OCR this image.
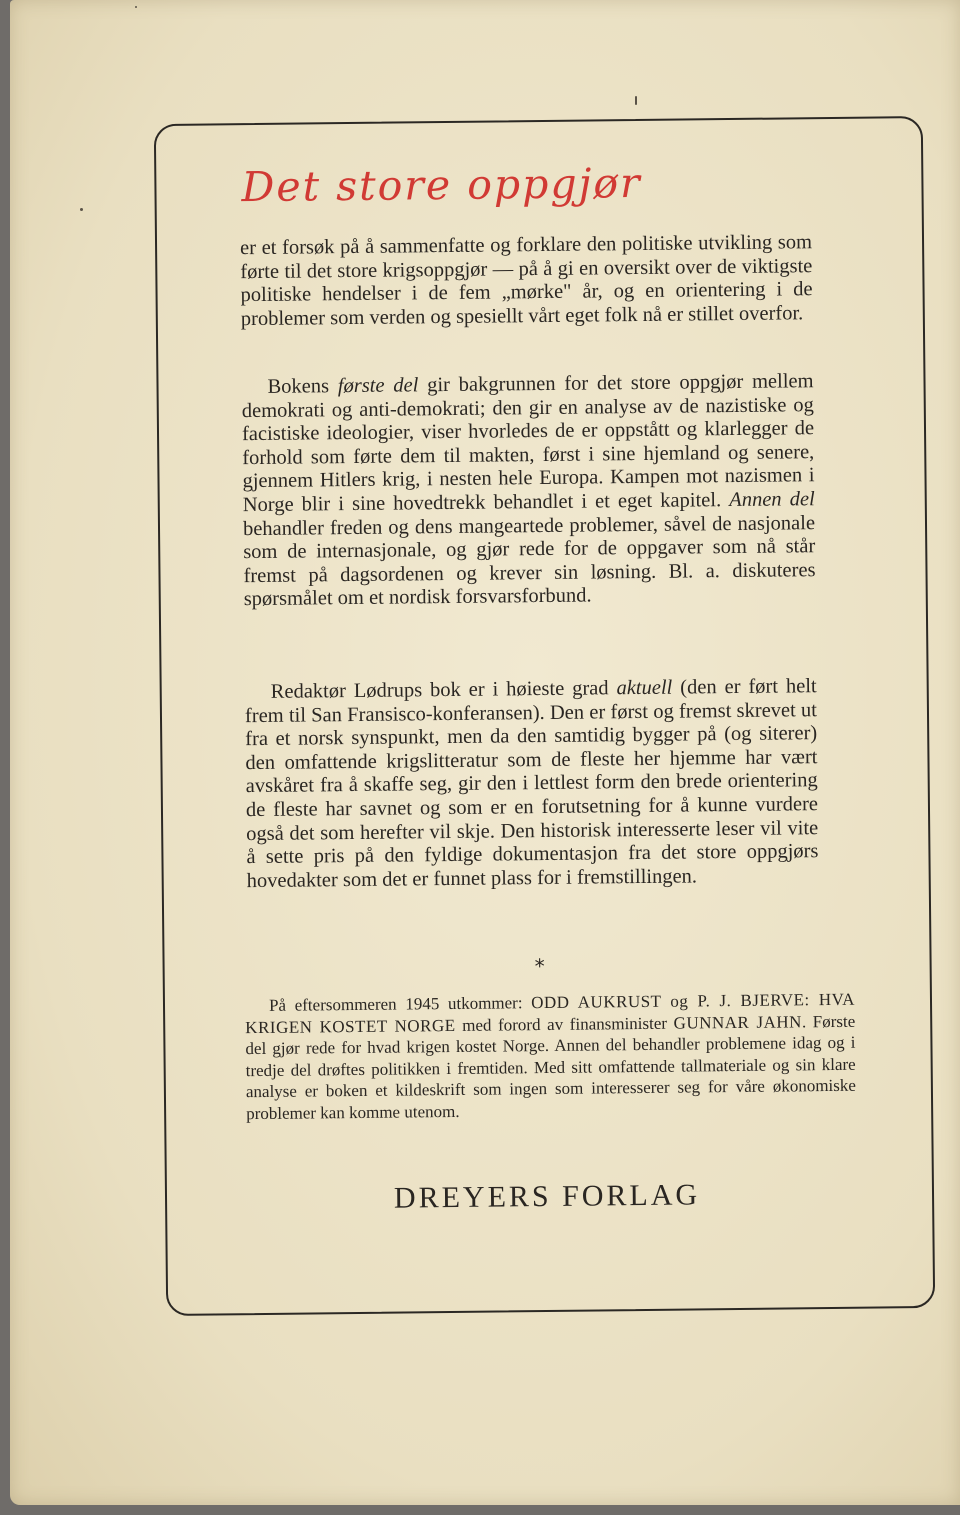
Det store oppgjør

er et forsøk på å sammenfatte og forklare den politiske utvikling som førte til det store krigsoppgjør — på å gi en oversikt over de viktigste politiske hendelser i de fem „mørke" år, og en orientering i de problemer som verden og spesiellt vårt eget folk nå er stillet overfor.

Bokens første del gir bakgrunnen for det store oppgjør mellem demokrati og anti-demokrati; den gir en analyse av de nazistiske og facistiske ideologier, viser hvorledes de er oppstått og klarlegger de forhold som førte dem til makten, først i sine hjemland og senere, gjennem Hitlers krig, i nesten hele Europa. Kampen mot nazismen i Norge blir i sine hovedtrekk behandlet i et eget kapitel. Annen del behandler freden og dens mangeartede problemer, såvel de nasjonale som de internasjonale, og gjør rede for de oppgaver som nå står fremst på dagsordenen og krever sin løsning. Bl. a. diskuteres spørsmålet om et nordisk forsvarsforbund.

Redaktør Lødrups bok er i høieste grad aktuell (den er ført helt frem til San Fransisco-konferansen). Den er først og fremst skrevet ut fra et norsk synspunkt, men da den samtidig bygger på (og siterer) den omfattende krigslitteratur som de fleste her hjemme har vært avskåret fra å skaffe seg, gir den i lettlest form den brede orientering de fleste har savnet og som er en forutsetning for å kunne vurdere også det som herefter vil skje. Den historisk interesserte leser vil vite å sette pris på den fyldige dokumentasjon fra det store oppgjørs hovedakter som det er funnet plass for i fremstillingen.

*

På eftersommeren 1945 utkommer: ODD AUKRUST og P. J. BJERVE: HVA KRIGEN KOSTET NORGE med forord av finansminister GUNNAR JAHN. Første del gjør rede for hvad krigen kostet Norge. Annen del behandler problemene idag og i tredje del drøftes politikken i fremtiden. Med sitt omfattende tallmateriale og sin klare analyse er boken et kildeskrift som ingen som interesserer seg for våre økonomiske problemer kan komme utenom.

DREYERS FORLAG
